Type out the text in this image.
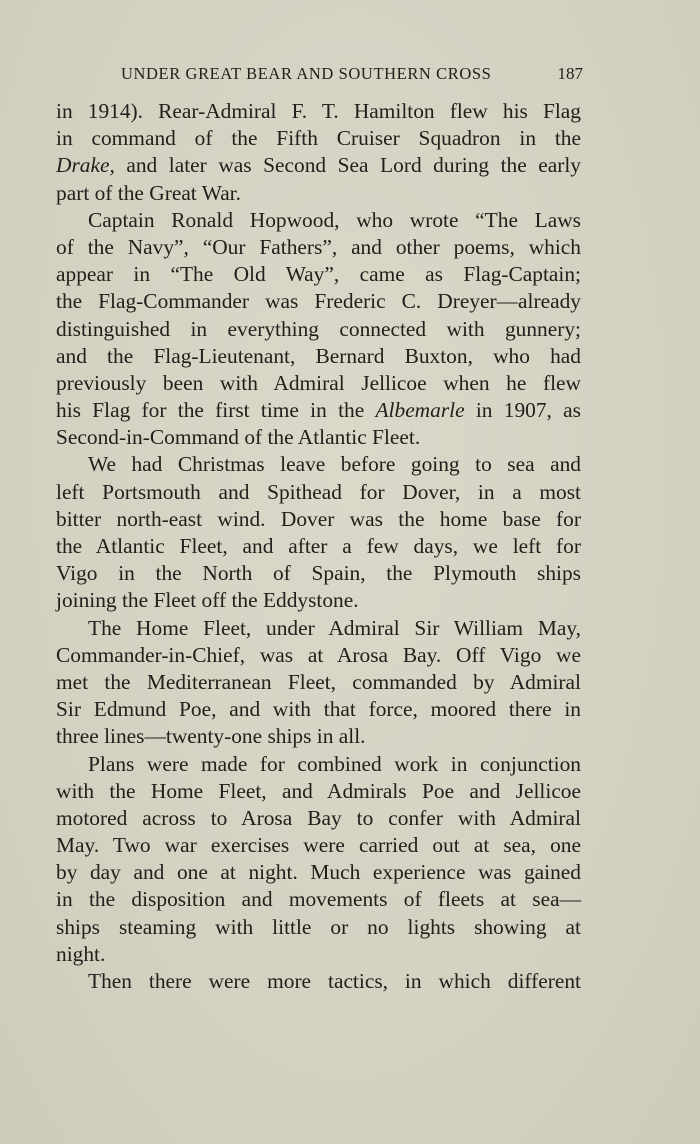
UNDER GREAT BEAR AND SOUTHERN CROSS	187
in 1914). Rear-Admiral F. T. Hamilton flew his Flag
in command of the Fifth Cruiser Squadron in the
Drake, and later was Second Sea Lord during the early
part of the Great War.
Captain Ronald Hopwood, who wrote “The Laws
of the Navy”, “Our Fathers”, and other poems, which
appear in “The Old Way”, came as Flag-Captain;
the Flag-Commander was Frederic C. Dreyer—already
distinguished in everything connected with gunnery;
and the Flag-Lieutenant, Bernard Buxton, who had
previously been with Admiral Jellicoe when he flew
his Flag for the first time in the Albemarle in 1907, as
Second-in-Command of the Atlantic Fleet.
We had Christmas leave before going to sea and
left Portsmouth and Spithead for Dover, in a most
bitter north-east wind. Dover was the home base for
the Atlantic Fleet, and after a few days, we left for
Vigo in the North of Spain, the Plymouth ships
joining the Fleet off the Eddystone.
The Home Fleet, under Admiral Sir William May,
Commander-in-Chief, was at Arosa Bay. Off Vigo we
met the Mediterranean Fleet, commanded by Admiral
Sir Edmund Poe, and with that force, moored there in
three lines—twenty-one ships in all.
Plans were made for combined work in conjunction
with the Home Fleet, and Admirals Poe and Jellicoe
motored across to Arosa Bay to confer with Admiral
May. Two war exercises were carried out at sea, one
by day and one at night. Much experience was gained
in the disposition and movements of fleets at sea—
ships steaming with little or no lights showing at
night.
Then there were more tactics, in which different
